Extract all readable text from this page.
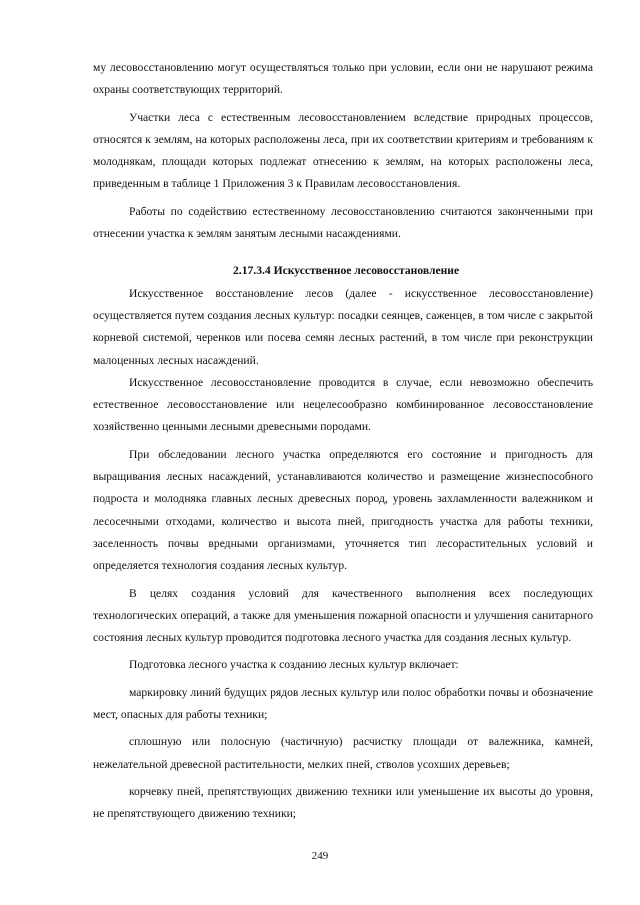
му лесовосстановлению могут осуществляться только при условии, если они не нарушают режима охраны соответствующих территорий.

Участки леса с естественным лесовосстановлением вследствие природных процессов, относятся к землям, на которых расположены леса, при их соответствии критериям и требованиям к молоднякам, площади которых подлежат отнесению к землям, на которых расположены леса, приведенным в таблице 1 Приложения 3 к Правилам лесовосстановления.

Работы по содействию естественному лесовосстановлению считаются законченными при отнесении участка к землям занятым лесными насаждениями.

2.17.3.4 Искусственное лесовосстановление

Искусственное восстановление лесов (далее - искусственное лесовосстановление) осуществляется путем создания лесных культур: посадки сеянцев, саженцев, в том числе с закрытой корневой системой, черенков или посева семян лесных растений, в том числе при реконструкции малоценных лесных насаждений.

Искусственное лесовосстановление проводится в случае, если невозможно обеспечить естественное лесовосстановление или нецелесообразно комбинированное лесовосстановление хозяйственно ценными лесными древесными породами.

При обследовании лесного участка определяются его состояние и пригодность для выращивания лесных насаждений, устанавливаются количество и размещение жизнеспособного подроста и молодняка главных лесных древесных пород, уровень захламленности валежником и лесосечными отходами, количество и высота пней, пригодность участка для работы техники, заселенность почвы вредными организмами, уточняется тип лесорастительных условий и определяется технология создания лесных культур.

В целях создания условий для качественного выполнения всех последующих технологических операций, а также для уменьшения пожарной опасности и улучшения санитарного состояния лесных культур проводится подготовка лесного участка для создания лесных культур.

Подготовка лесного участка к созданию лесных культур включает:

маркировку линий будущих рядов лесных культур или полос обработки почвы и обозначение мест, опасных для работы техники;

сплошную или полосную (частичную) расчистку площади от валежника, камней, нежелательной древесной растительности, мелких пней, стволов усохших деревьев;

корчевку пней, препятствующих движению техники или уменьшение их высоты до уровня, не препятствующего движению техники;

249
